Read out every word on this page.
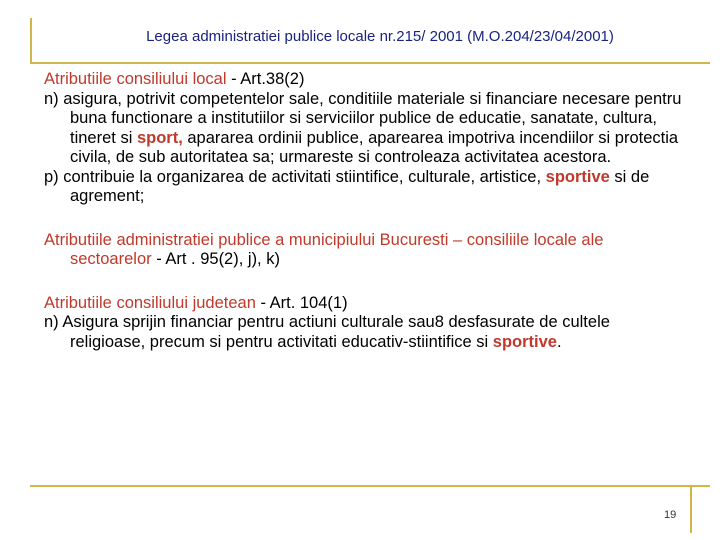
Legea administratiei publice locale nr.215/ 2001 (M.O.204/23/04/2001)

Atributiile consiliului local - Art.38(2)

n) asigura, potrivit competentelor sale, conditiile materiale si financiare necesare pentru buna functionare a institutiilor si serviciilor publice de educatie, sanatate, cultura, tineret si sport, apararea ordinii publice, aparearea impotriva incendiilor si protectia civila, de sub autoritatea sa; urmareste si controleaza activitatea acestora.

p) contribuie la organizarea de activitati stiintifice, culturale, artistice, sportive si de agrement;

Atributiile administratiei publice a municipiului Bucuresti – consiliile locale ale sectoarelor - Art . 95(2), j), k)

Atributiile consiliului judetean - Art. 104(1)

n) Asigura sprijin financiar pentru actiuni culturale sau8 desfasurate de cultele religioase, precum si pentru activitati educativ-stiintifice si sportive.

19
